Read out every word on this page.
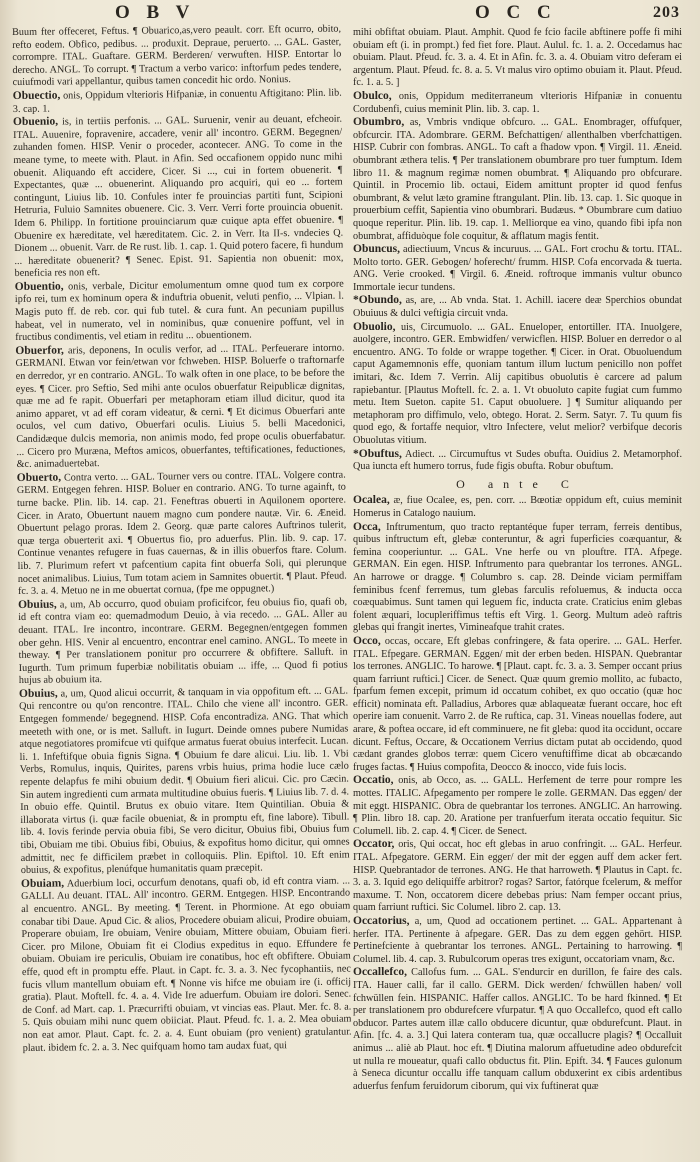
O B V	O C C	203

Buum fter offeceret, Feftus. ¶ Obuarico,as,vero peault. corr. Eft ocurro, obito, refto eodem. Obfico, pedibus. ... produxit. Depraue, peruerto. ... GAL. Gaster, corrompre. ITAL. Guaftare. GERM. Berderen/ verwuften. HISP. Entortar lo derecho. ANGL. To corrupt. ¶ Tractum a verbo varico: inftorfum pedes tendere, cuiufmodi vari appellantur, quibus tamen concedit hic ordo. Nonius.

Obuectio, onis, Oppidum vlterioris Hifpaniæ, in conuentu Aftigitano: Plin. lib. 3. cap. 1.

Obuenio, is, in tertiis perfonis. ... GAL. Suruenir, venir au deuant, efcheoir. ITAL. Auuenire, fopravenire, accadere, venir all' incontro. GERM. Begegnen/ zuhanden fomen. HISP. Venir o proceder, acontecer. ANG. To come in the meane tyme, to meete with. Plaut. in Afin. Sed occafionem oppido nunc mihi obuenit. Aliquando eft accidere, Cicer. Si ..., cui in fortem obuenerit. ¶ Expectantes, quæ ... obuenerint. Aliquando pro acquiri, qui eo ... fortem contingunt, Liuius lib. 10. Confules inter fe prouincias partiti funt, Scipioni Hetruria, Fuluio Samnites obuenere. Cic. 3. Verr. Verri forte prouincia obuenit. Idem 6. Philipp. In fortitione prouinciarum quæ cuique apta effet obuenire. ¶ Obuenire ex hæreditate, vel hæreditatem. Cic. 2. in Verr. Ita II-s. vndecies Q. Dionem ... obuenit. Varr. de Re rust. lib. 1. cap. 1. Quid potero facere, fi hundum ... hæreditate obuenerit? ¶ Senec. Epist. 91. Sapientia non obuenit: mox, beneficia res non eft.

Obuentio, onis, verbale, Dicitur emolumentum omne quod tum ex corpore ipfo rei, tum ex hominum opera & induftria obuenit, veluti penfio, ... Vlpian. l. Magis puto ff. de reb. cor. qui fub tutel. & cura funt. An pecuniam pupillus habeat, vel in numerato, vel in nominibus, quæ conuenire poffunt, vel in fructibus condimentis, vel etiam in reditu ... obuentionem.

Obuerfor, aris, deponens, In oculis verfor, ad ... ITAL. Perfeuerare intorno. GERMANI. Etwan vor fein/etwan vor fchweben. HISP. Boluerfe o traftornarfe en derredor, yr en contrario. ANGL. To walk often in one place, to be before the eyes. ¶ Cicer. pro Seftio, Sed mihi ante oculos obuerfatur Reipublicæ dignitas, quæ me ad fe rapit. Obuerfari per metaphoram etiam illud dicitur, quod ita animo apparet, vt ad eff coram videatur, & cerni. ¶ Et dicimus Obuerfari ante oculos, vel cum dativo, Obuerfari oculis. Liuius 5. belli Macedonici, Candidæque dulcis memoria, non animis modo, fed prope oculis obuerfabatur. ... Cicero pro Muræna, Meftos amicos, obuerfantes, teftificationes, feductiones, &c. animaduertebat.

Obuerto, Contra verto. ... GAL. Tourner vers ou contre. ITAL. Volgere contra. GERM. Entgegen fehren. HISP. Boluer en contrario. ANG. To turne againft, to turne backe. Plin. lib. 14. cap. 21. Feneftras obuerti in Aquilonem oportere. Cicer. in Arato, Obuertunt nauem magno cum pondere nautæ. Vir. 6. Æneid. Obuertunt pelago proras. Idem 2. Georg. quæ parte calores Auftrinos tulerit, quæ terga obuerterit axi. ¶ Obuertus fio, pro aduerfus. Plin. lib. 9. cap. 17. Continue venantes refugere in fuas cauernas, & in illis obuerfos ftare. Colum. lib. 7. Plurimum refert vt pafcentium capita fint obuerfa Soli, qui plerunque nocet animalibus. Liuius, Tum totam aciem in Samnites obuertit. ¶ Plaut. Pfeud. fc. 3. a. 4. Metuo ne in me obuertat cornua, (fpe me oppugnet.)

Obuius, a, um, Ab occurro, quod obuiam proficifcor, feu obuius fio, quafi ob, id eft contra viam eo: quemadmodum Deuio, à via recedo. ... GAL. Aller au deuant. ITAL. Ire incontro, incontrare. GERM. Begegnen/entgegen fommen ober gehn. HIS. Venir al encuentro, encontrar enel camino. ANGL. To meete in theway. ¶ Per translationem ponitur pro occurrere & obfiftere. Salluft. in Iugurth. Tum primum fuperbiæ nobilitatis obuiam ... iffe, ... Quod fi potius hujus ab obuium ita.

Obuius, a, um, Quod alicui occurrit, & tanquam in via oppofitum eft. ... GAL. Qui rencontre ou qu'on rencontre. ITAL. Chilo che viene all' incontro. GER. Entgegen fommende/ begegnend. HISP. Cofa encontradiza. ANG. That which meeteth with one, or is met. Salluft. in Iugurt. Deinde omnes pubere Numidas atque negotiatores promifcue vti quifque armatus fuerat obuius interfecit. Lucan. li. 1. Infeftifque obuia fignis Signa. ¶ Obuium fe dare alicui. Liu. lib. 1. Vbi Verbs, Romulus, inquis, Quirites, parens vrbis huius, prima hodie luce cælo repente delapfus fe mihi obuium dedit. ¶ Obuium fieri alicui. Cic. pro Cæcin. Sin autem ingredienti cum armata multitudine obuius fueris. ¶ Liuius lib. 7. d. 4. In obuio effe. Quintil. Brutus ex obuio vitare. Item Quintilian. Obuia & illaborata virtus (i. quæ facile obueniat, & in promptu eft, fine labore). Tibull. lib. 4. Iovis ferinde pervia obuia fibi, Se vero dicitur, Obuius fibi, Obuius fum tibi, Obuiam me tibi. Obuius fibi, Obuius, & expofitus homo dicitur, qui omnes admittit, nec fe difficilem præbet in colloquiis. Plin. Epiftol. 10. Eft enim obuius, & expofitus, plenúfque humanitatis quam præcepit.

Obuiam, Aduerbium loci, occurfum denotans, quafi ob, id eft contra viam. ... GALLI. Au deuant. ITAL. All' incontro. GERM. Entgegen. HISP. Encontrando al encuentro. ANGL. By meeting. ¶ Terent. in Phormione. At ego obuiam conabar tibi Daue. Apud Cic. & alios, Procedere obuiam alicui, Prodire obuiam, Properare obuiam, Ire obuiam, Venire obuiam, Mittere obuiam, Obuiam fieri. Cicer. pro Milone, Obuiam fit ei Clodius expeditus in equo. Effundere fe obuiam. Obuiam ire periculis, Obuiam ire conatibus, hoc eft obfiftere. Obuiam effe, quod eft in promptu effe. Plaut. in Capt. fc. 3. a. 3. Nec fycophantiis, nec fucis vllum mantellum obuiam eft. ¶ Nonne vis hifce me obuiam ire (i. officij gratia). Plaut. Moftell. fc. 4. a. 4. Vide Ire aduerfum. Obuiam ire dolori. Senec. de Conf. ad Mart. cap. 1. Præcurrifti obuiam, vt vincias eas. Plaut. Mer. fc. 8. a. 5. Quis obuiam mihi nunc quem obiiciat. Plaut. Pfeud. fc. 1. a. 2. Mea obuiam non eat amor. Plaut. Capt. fc. 2. a. 4. Eunt obuiam (pro venient) gratulantur. plaut. ibidem fc. 2. a. 3. Nec quifquam homo tam audax fuat, qui

mihi obfiftat obuiam. Plaut. Amphit. Quod fe fcio facile abftinere poffe fi mihi obuiam eft (i. in prompt.) fed fiet fore. Plaut. Aulul. fc. 1. a. 2. Occedamus hac obuiam. Plaut. Pfeud. fc. 3. a. 4. Et in Afin. fc. 3. a. 4. Obuiam vitro deferam ei argentum. Plaut. Pfeud. fc. 8. a. 5. Vt malus viro optimo obuiam it. Plaut. Pfeud. fc. 1. a. 5. ]

Obulco, onis, Oppidum mediterraneum vlterioris Hifpaniæ in conuentu Cordubenfi, cuius meminit Plin. lib. 3. cap. 1.

Obumbro, as, Vmbris vndique obfcuro. ... GAL. Enombrager, offufquer, obfcurcir. ITA. Adombrare. GERM. Befchattigen/ allenthalben vberfchattigen. HISP. Cubrir con fombras. ANGL. To caft a fhadow vpon. ¶ Virgil. 11. Æneid. obumbrant æthera telis. ¶ Per translationem obumbrare pro tuer fumptum. Idem libro 11. & magnum regimæ nomen obumbrat. ¶ Aliquando pro obfcurare. Quintil. in Procemio lib. octaui, Eidem amittunt propter id quod fenfus obumbrant, & velut læto gramine ftrangulant. Plin. lib. 13. cap. 1. Sic quoque in prouerbium ceffit, Sapientia vino obumbrari. Budæus. * Obumbrare cum datiuo quoque reperitur. Plin. lib. 19. cap. 1. Melliorque ea vino, quando fibi ipfa non obumbrat, affiduòque fole coquitur, & afflatum magis fentit.

Obuncus, adiectiuum, Vncus & incuruus. ... GAL. Fort crochu & tortu. ITAL. Molto torto. GER. Gebogen/ hoferecht/ frumm. HISP. Cofa encorvada & tuerta. ANG. Verie crooked. ¶ Virgil. 6. Æneid. roftroque immanis vultur obunco Immortale iecur tundens.

*Obundo, as, are, ... Ab vnda. Stat. 1. Achill. iacere deæ Sperchios obundat Obuiuus & dulci veftigia circuit vnda.

Obuolio, uis, Circumuolo. ... GAL. Enueloper, entortiller. ITA. Inuolgere, auolgere, incontro. GER. Embwidfen/ verwicflen. HISP. Boluer en derredor o al encuentro. ANG. To folde or wrappe together. ¶ Cicer. in Orat. Obuoluendum caput Agamemnonis effe, quoniam tantum illum luctum penicillo non poffet imitari, &c. Idem 7. Verrin. Alij capitibus obuolutis è carcere ad palum rapiebantur. [Plautus Moftell. fc. 2. a. 1. Vt obuoluto capite fugiat cum fummo metu. Item Sueton. capite 51. Caput obuoluere. ] ¶ Sumitur aliquando per metaphoram pro diffimulo, velo, obtego. Horat. 2. Serm. Satyr. 7. Tu quum fis quod ego, & fortaffe nequior, vltro Infectere, velut melior? verbifque decoris Obuolutas vitium.

*Obuftus, Adiect. ... Circumuftus vt Sudes obufta. Ouidius 2. Metamorphof. Qua iuncta eft humero torrus, fude figis obufta. Robur obuftum.

O ante C

Ocalea, æ, fiue Ocalee, es, pen. corr. ... Bœotiæ oppidum eft, cuius meminit Homerus in Catalogo nauium.

Occa, Inftrumentum, quo tracto reptantéque fuper terram, ferreis dentibus, quibus inftructum eft, glebæ conteruntur, & agri fuperficies coæquantur, & femina cooperiuntur. ... GAL. Vne herfe ou vn plouftre. ITA. Afpege. GERMAN. Ein egen. HISP. Inftrumento para quebrantar los terrones. ANGL. An harrowe or dragge. ¶ Columbro s. cap. 28. Deinde viciam permiffam feminibus fcenf ferremus, tum glebas farculis refoluemus, & inducta occa coæquabimus. Sunt tamen qui leguem fic, inducta crate. Craticius enim glebas folent æquari, locupleriffimus teftis eft Virg. 1. Georg. Multum adeò raftris glebas qui frangit inertes, Vimineafque trahit crates.

Occo, occas, occare, Eft glebas confringere, & fata operire. ... GAL. Herfer. ITAL. Efpegare. GERMAN. Eggen/ mit der erben beden. HISPAN. Quebrantar los terrones. ANGLIC. To harowe. ¶ [Plaut. capt. fc. 3. a. 3. Semper occant prius quam farriunt ruftici.] Cicer. de Senect. Quæ quum gremio mollito, ac fubacto, fparfum femen excepit, primum id occatum cohibet, ex quo occatio (quæ hoc efficit) nominata eft. Palladius, Arbores quæ ablaqueatæ fuerant occare, hoc eft operire iam conuenit. Varro 2. de Re ruftica, cap. 31. Vineas nouellas fodere, aut arare, & poftea occare, id eft comminuere, ne fit gleba: quod ita occidunt, occare dicunt. Feftus, Occare, & Occationem Verrius dictam putat ab occidendo, quod cædant grandes globos terræ: quem Cicero venuftiffime dicat ab obcæcando fruges factas. ¶ Huius compofita, Deocco & inocco, vide fuis locis.

Occatio, onis, ab Occo, as. ... GALL. Herfement de terre pour rompre les mottes. ITALIC. Afpegamento per rompere le zolle. GERMAN. Das eggen/ der mit eggt. HISPANIC. Obra de quebrantar los terrones. ANGLIC. An harrowing. ¶ Plin. libro 18. cap. 20. Aratione per tranfuerfum iterata occatio fequitur. Sic Columell. lib. 2. cap. 4. ¶ Cicer. de Senect.

Occator, oris, Qui occat, hoc eft glebas in aruo confringit. ... GAL. Herfeur. ITAL. Afpegatore. GERM. Ein egger/ der mit der eggen auff dem acker fert. HISP. Quebrantador de terrones. ANG. He that harroweth. ¶ Plautus in Capt. fc. 3. a. 3. Iquid ego deliquiffe arbitror? rogas? Sartor, fatórque fcelerum, & meffor maxume. T. Non, occatorem dicere debebas prius: Nam femper occant prius, quam farriunt ruftici. Sic Columel. libro 2. cap. 13.

Occatorius, a, um, Quod ad occationem pertinet. ... GAL. Appartenant à herfer. ITA. Pertinente à afpegare. GER. Das zu dem eggen gehört. HISP. Pertinefciente à quebrantar los terrones. ANGL. Pertaining to harrowing. ¶ Columel. lib. 4. cap. 3. Rubulcorum operas tres exigunt, occatoriam vnam, &c.

Occallefco, Callofus fum. ... GAL. S'endurcir en durillon, fe faire des cals. ITA. Hauer calli, far il callo. GERM. Dick werden/ fchwüllen haben/ voll fchwüllen fein. HISPANIC. Haffer callos. ANGLIC. To be hard fkinned. ¶ Et per translationem pro obdurefcere vfurpatur. ¶ A quo Occallefco, quod eft callo obducor. Partes autem illæ callo obducere dicuntur, quæ obdurefcunt. Plaut. in Afin. [fc. 4. a. 3.] Qui latera conteram tua, quæ occallucre plagis? ¶ Occalluit animus ... aliè ab Plaut. hoc eft. ¶ Diutina malorum affuetudine adeo obdurefcit ut nulla re moueatur, quafi callo obductus fit. Plin. Epift. 34. ¶ Fauces gulonum à Seneca dicuntur occallu iffe tanquam callum obduxerint ex cibis ardentibus aduerfus fenfum feruidorum ciborum, qui vix fuftinerat quæ
